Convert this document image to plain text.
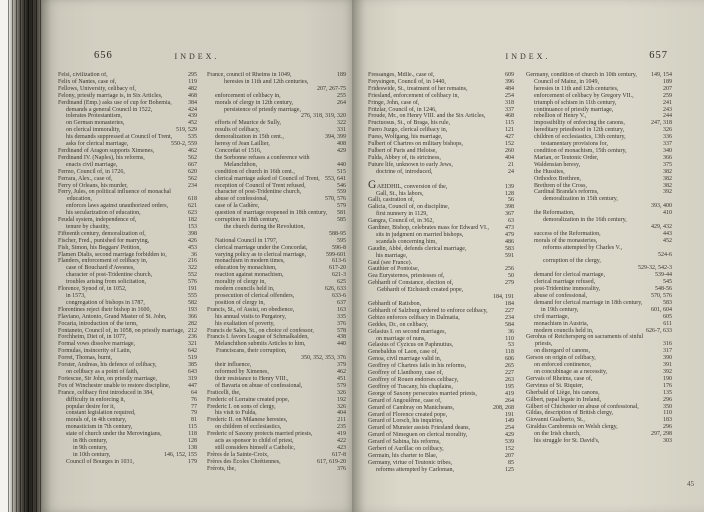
656	INDEX.
Felsi, civilization of,	295
Felix of Nantes, case of,	119
Fellows, University, celibacy of,	482
Felony, priestly marriage is, in Six Articles,	468
Ferdinand (Emp.) asks use of cup for Bohemia,	384
demands a general Council in 1522,	424
tolerates Protestantism,	439
on German monasteries,	452
on clerical immorality,	519, 529
his demands suppressed at Council of Trent,	535
asks for clerical marriage,	550-2, 559
Ferdinand of Aragon supports Ximenes,	462
Ferdinand IV. (Naples), his reforms,	562
enacts civil marriage,	667
Fermo, Council of, in 1726,	620
Ferrara, Alex., case of,	562
Ferry of Orleans, his murder,	234
Ferry, Jules, on political influence of monachal education,	618
enforces laws against unauthorized orders,	621
his secularization of education,	623
Feudal system, independence of,	182
tenure by chastity,	153
Fifteenth century, demoralization of,	398
Fischer, Fred., punished for marrying,	426
Fish, Simon, his Beggars' Petition,	453
Flamen Dialis, second marriage forbidden to,	36
Flanders, enforcement of celibacy in,	216
case of Bouchard d'Avesnes,	322
character of post-Tridentine church,	552
troubles arising from solicitation,	576
Florence, Synod of, in 1052,	191
in 1573,	555
congregation of bishops in 1787,	582
Florentines reject their bishop in 1600,	193
Flaviano, Antonio, Grand Master of St. John,	366
Focaria, introduction of the term,	282
Fontaneto, Council of, in 1058, on priestly marriage, 212
Forchheim, Diet of, in 1077,	236
Formal vows dissolve marriage,	321
Formulas, insincerity of Latin,	642
Forret, Thomas, burnt,	519
Forster, Andreas, his defence of celibacy,	385
on celibacy as a point of faith,	643
Fortescue, Sir John, on priestly marriage,	319
Fox of Winchester unable to restore discipline,	447
France, celibacy first introduced in 384,	64
difficulty in enforcing it,	76
popular desire for it,	77
constant legislation required,	79
morals of, in 4th century,	81
monasticism in 7th century,	115
state of church under the Merovingians,	118
in 8th century,	128
in 9th century,	138
in 10th century,	146, 152, 155
Council of Bourges in 1031,	179
France, council of Rheims in 1049,	189
heresies in 11th and 12th centuries,
207, 267-75
enforcement of celibacy in,	255
morals of clergy in 12th century,	264
persistence of priestly marriage,
276, 318, 319, 320
efforts of Maurice de Sully,	322
results of celibacy,	331
demoralization in 15th cent.,	394, 399
heresy of Jean Laillier,	408
Concordat of 1516,	429
the Sorbonne refuses a conference with Melanchthon,	440
condition of church in 16th cent.,	515
clerical marriage asked of Council of Trent, 553, 641
reception of Council of Trent refused,	546
character of post-Tridentine church,	559
abuse of confessional,	570, 576
case of la Cadière,	579
question of marriage reopened in 18th century,	581
corruption in 18th century,	585
the church during the Revolution,
588-95
National Council in 1797,	595
clerical marriage under the Concordat,	596-8
varying policy as to clerical marriage,	599-601
monachism in modern times,	613-6
education by monachism,	617-20
reaction against monachism,	621-3
morality of clergy in,	625
modern councils held in,	626, 633
prosecution of clerical offenders,	633-6
position of clergy in,	637
Francis, St., of Assisi, on obedience,	163
his annual visits to Purgatory,	335
his exaltation of poverty,	376
Francis de Sales, St., on choice of confessor,	578
Francis I. favors League of Schmalkalden,	438
Melanchthon submits Articles to him,	440
Franciscans, their corruption,
350, 352, 353, 376
their influence,	379
reformed by Ximenes,	462
their resistance to Henry VIII.,	451
of Bavaria on abuse of confessional,	579
Fraticelli, the,	326
Frederic of Lorraine created pope,	192
Frederic I. on sons of clergy,	326
his visit to Fulda,	404
Frederic II. on Milanese heresies,	211
on children of ecclesiastics,	235
Frederic of Saxony protects married priests,	419
acts as sponsor to child of priest,	422
still considers himself a Catholic,	423
Frères de la Sainte-Croix,	617-8
Frères des Écoles Chrétiennes,	617, 619-20
Frérots, the,	376
INDEX.	657
Fressanges, Mdlle., case of,	609
Freysingen, Council of, in 1440,	396
Frideswide, St., treatment of her remains,	484
Friesland, enforcement of celibacy in,	254
Fringe, John, case of,	318
Fritzlar, Council of, in 1246,	337
Froude, Mr., on Henry VIII. and the Six Articles,	468
Fructuosus, St., of Braga, his rule,	115
Fuero Juzgo, clerical celibacy in,	121
Fuess, Wolfgang, his marriage,	427
Fulbert of Chartres on military bishops,	152
Fulbert of Paris and Heloise,	260
Fulda, Abbey of, its strictness,	404
Future life, unknown to early Jews,	21
doctrine of, introduced,	24
GAEIDHIL, conversion of the,	139
Gall, St., his labors,	128
Galli, castration of,	56
Galicia, Council of, on discipline,	398
first nunnery in 1129,	367
Gangra, Council of, in 362,	63
Gardiner, Bishop, celebrates mass for Edward VI.,	473
sits in judgment on married bishops,	479
scandals concerning him,	486
Gaudin, Abbé, defends clerical marriage,	583
his marriage,	591
Gaul (see France).
Gauthier of Pontoise,	256
Gea Eurysternos, priestesses of,	50
Gebhardt of Constance, election of,	279
Gebhardt of Eichstedt created pope,
184, 191
Gebhardt of Ratisbon,	184
Gebhardt of Salzburg ordered to enforce celibacy,	227
Gebizo enforces celibacy in Dalmatia,	234
Geddes, Dr., on celibacy,	584
Gelasius I. on second marriages,	36
on marriage of nuns,	110
Gelasius of Cyzicus on Paphnutius,	53
Genebaldus of Laon, case of,	118
Genoa, civil marriage valid in,	606
Geoffrey of Chartres fails in his reforms,	265
Geoffrey of Llanthony, case of,	227
Geoffrey of Rouen endorses celibacy,	263
Geoffrey of Tuscany, his chaplains,	195
George of Saxony persecutes married priests,	419
Gerard of Angoulême, case of,	264
Gerard of Cambray on Manicheans,	208, 268
Gerard of Florence created pope,	191
Gerard of Lorsch, his inquiries,	149
Gerard of Munster assists Friesland deans,	254
Gerard of Nimeguen on clerical morality,	429
Gerard of Sabina, his reforms,	539
Gerbert of Aurillac on celibacy,	152
Germain, his charter to Blae,	207
Germany, virtue of Teutonic tribes,	85
reforms attempted by Carloman,	125
Germany, condition of church in 10th century,	149, 154
Council of Mainz, in 1049,	189
heresies in 11th and 12th centuries,	207
enforcement of celibacy by Gregory VII.,	259
triumph of schism in 11th century,	241
continuance of priestly marriage,	243
rebellion of Henry V.,	244
impossibility of enforcing the canons,	247, 318
hereditary priesthood in 12th century,	326
children of ecclesiastics, 13th century,	336
testamentary provisions for,	337
condition of monachism, 15th century,	340
Marian, or Teutonic Order,	366
Waldensian heresy,	375
the Hussites,	382
Orthodox Brethren,	382
Brethren of the Cross,	382
Cardinal Branda's reforms,	392
demoralization in 15th century,
393, 400
the Reformation,	410
demoralization in the 16th century,
429, 432
success of the Reformation,	443
morals of the monasteries,	452
reforms attempted by Charles V.,
524-6
corruption of the clergy,
529-32, 542-3
demand for clerical marriage,	539-44
clerical marriage refused,	545
post-Tridentine immorality,	548-56
abuse of confessional,	570, 576
demand for clerical marriage in 18th century,	583
in 19th century,	601, 604
civil marriage,	605
monachism in Austria,	611
modern councils held in,	626-7, 633
Gerohus of Reichersperg on sacraments of sinful priests,	316
on disregard of canons,	317
Gerson on origin of celibacy,	390
on enforced continence,	391
on concubinage as a necessity,	392
Gervais of Rheims, case of,	190
Gervinus of St. Riquier,	176
Gherbald of Liège, his canons,	135
Gilbert, papal legate in Ireland,	296
Gilbert of Chichester on abuse of confessional,	350
Gildas, description of British clergy,	110
Giovanni Gualberto, St.,	183
Giraldus Cambrensis on Welsh clergy,	296
on the Irish church,	297, 298
his struggle for St. David's,	303
45
